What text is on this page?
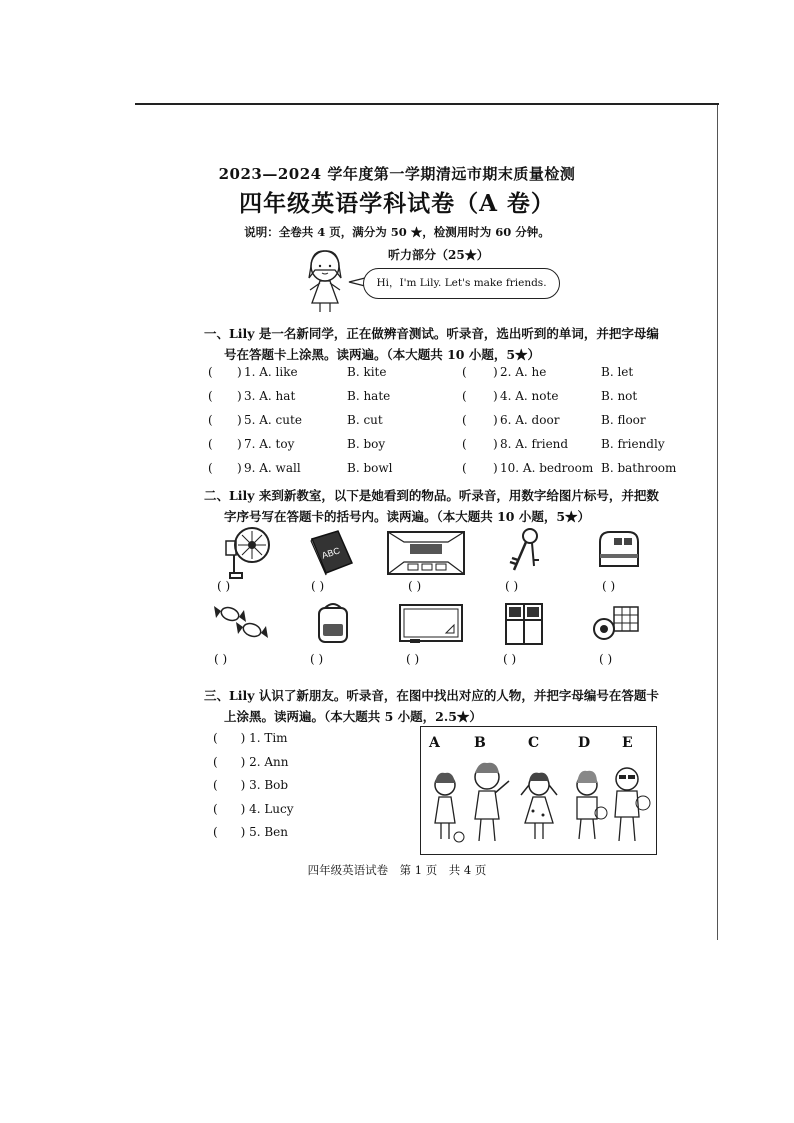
2023—2024 学年度第一学期清远市期末质量检测
四年级英语学科试卷（A 卷）
说明：全卷共 4 页，满分为 50 ★，检测用时为 60 分钟。
听力部分（25★）
Hi，I'm Lily. Let's make friends.
一、Lily 是一名新同学，正在做辨音测试。听录音，选出听到的单词，并把字母编
号在答题卡上涂黑。读两遍。（本大题共 10 小题，5★）
( ) 1. A. like	B. kite	( ) 2. A. he	B. let
( ) 3. A. hat	B. hate	( ) 4. A. note	B. not
( ) 5. A. cute	B. cut	( ) 6. A. door	B. floor
( ) 7. A. toy	B. boy	( ) 8. A. friend	B. friendly
( ) 9. A. wall	B. bowl	( ) 10. A. bedroom B. bathroom
二、Lily 来到新教室，以下是她看到的物品。听录音，用数字给图片标号，并把数
字序号写在答题卡的括号内。读两遍。（本大题共 10 小题，5★）
ABC
( )	( )	( )	( )	( )
( )	( )	( )	( )	( )
三、Lily 认识了新朋友。听录音，在图中找出对应的人物，并把字母编号在答题卡
上涂黑。读两遍。（本大题共 5 小题，2.5★）
(      ) 1. Tim
(      ) 2. Ann
(      ) 3. Bob
(      ) 4. Lucy
(      ) 5. Ben
A B	C	D E
四年级英语试卷　第 1 页　共 4 页
